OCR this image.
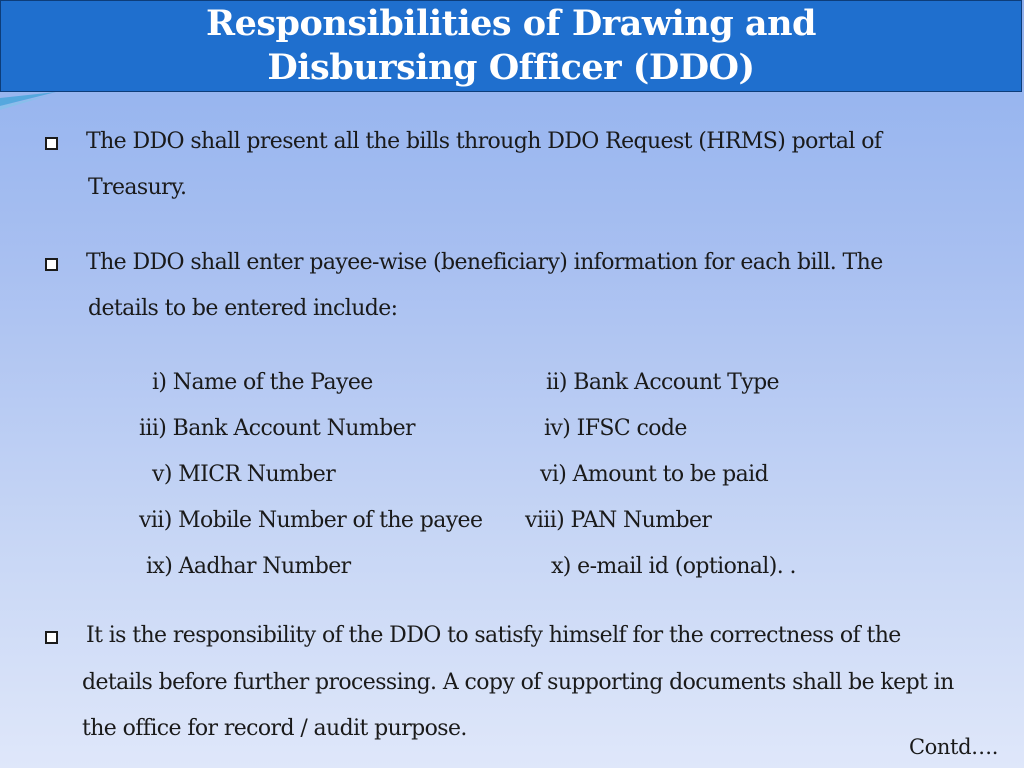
Responsibilities of Drawing and
Disbursing Officer (DDO)
The DDO shall present all the bills through DDO Request (HRMS) portal of
Treasury.
The DDO shall enter payee-wise (beneficiary) information for each bill. The
details to be entered include:
i) Name of the Payee
iii) Bank Account Number
v) MICR Number
vii) Mobile Number of the payee
ix) Aadhar Number
ii) Bank Account Type
iv) IFSC code
vi) Amount to be paid
viii) PAN Number
x) e-mail id (optional). .
It is the responsibility of the DDO to satisfy himself for the correctness of the
details before further processing. A copy of supporting documents shall be kept in
the office for record / audit purpose.
Contd….
